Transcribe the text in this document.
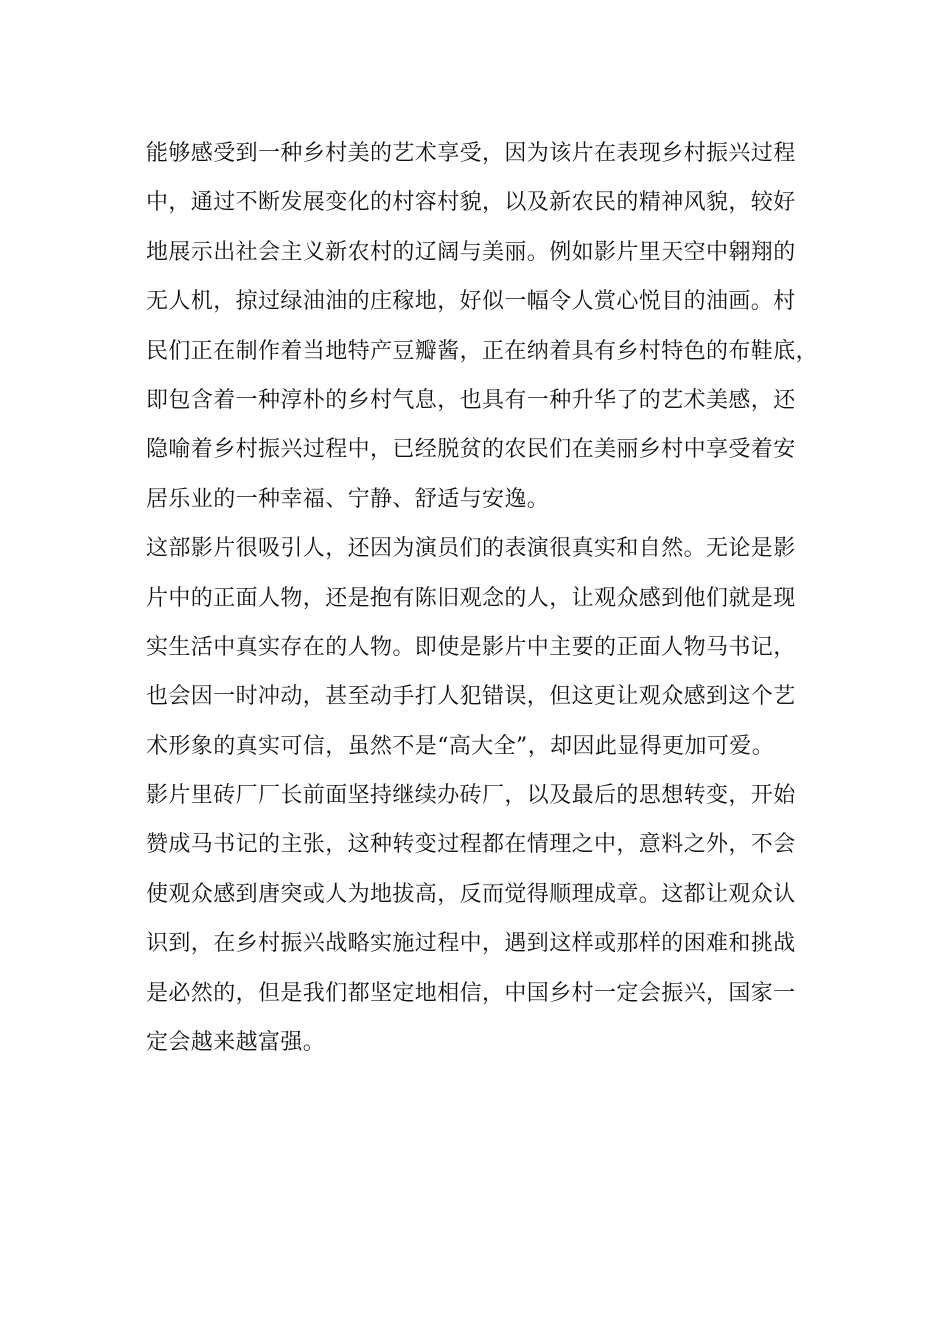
能够感受到一种乡村美的艺术享受，因为该片在表现乡村振兴过程
中，通过不断发展变化的村容村貌，以及新农民的精神风貌，较好
地展示出社会主义新农村的辽阔与美丽。例如影片里天空中翱翔的
无人机，掠过绿油油的庄稼地，好似一幅令人赏心悦目的油画。村
民们正在制作着当地特产豆瓣酱，正在纳着具有乡村特色的布鞋底，
即包含着一种淳朴的乡村气息，也具有一种升华了的艺术美感，还
隐喻着乡村振兴过程中，已经脱贫的农民们在美丽乡村中享受着安
居乐业的一种幸福、宁静、舒适与安逸。
这部影片很吸引人，还因为演员们的表演很真实和自然。无论是影
片中的正面人物，还是抱有陈旧观念的人，让观众感到他们就是现
实生活中真实存在的人物。即使是影片中主要的正面人物马书记，
也会因一时冲动，甚至动手打人犯错误，但这更让观众感到这个艺
术形象的真实可信，虽然不是“高大全”，却因此显得更加可爱。
影片里砖厂厂长前面坚持继续办砖厂，以及最后的思想转变，开始
赞成马书记的主张，这种转变过程都在情理之中，意料之外，不会
使观众感到唐突或人为地拔高，反而觉得顺理成章。这都让观众认
识到，在乡村振兴战略实施过程中，遇到这样或那样的困难和挑战
是必然的，但是我们都坚定地相信，中国乡村一定会振兴，国家一
定会越来越富强。
